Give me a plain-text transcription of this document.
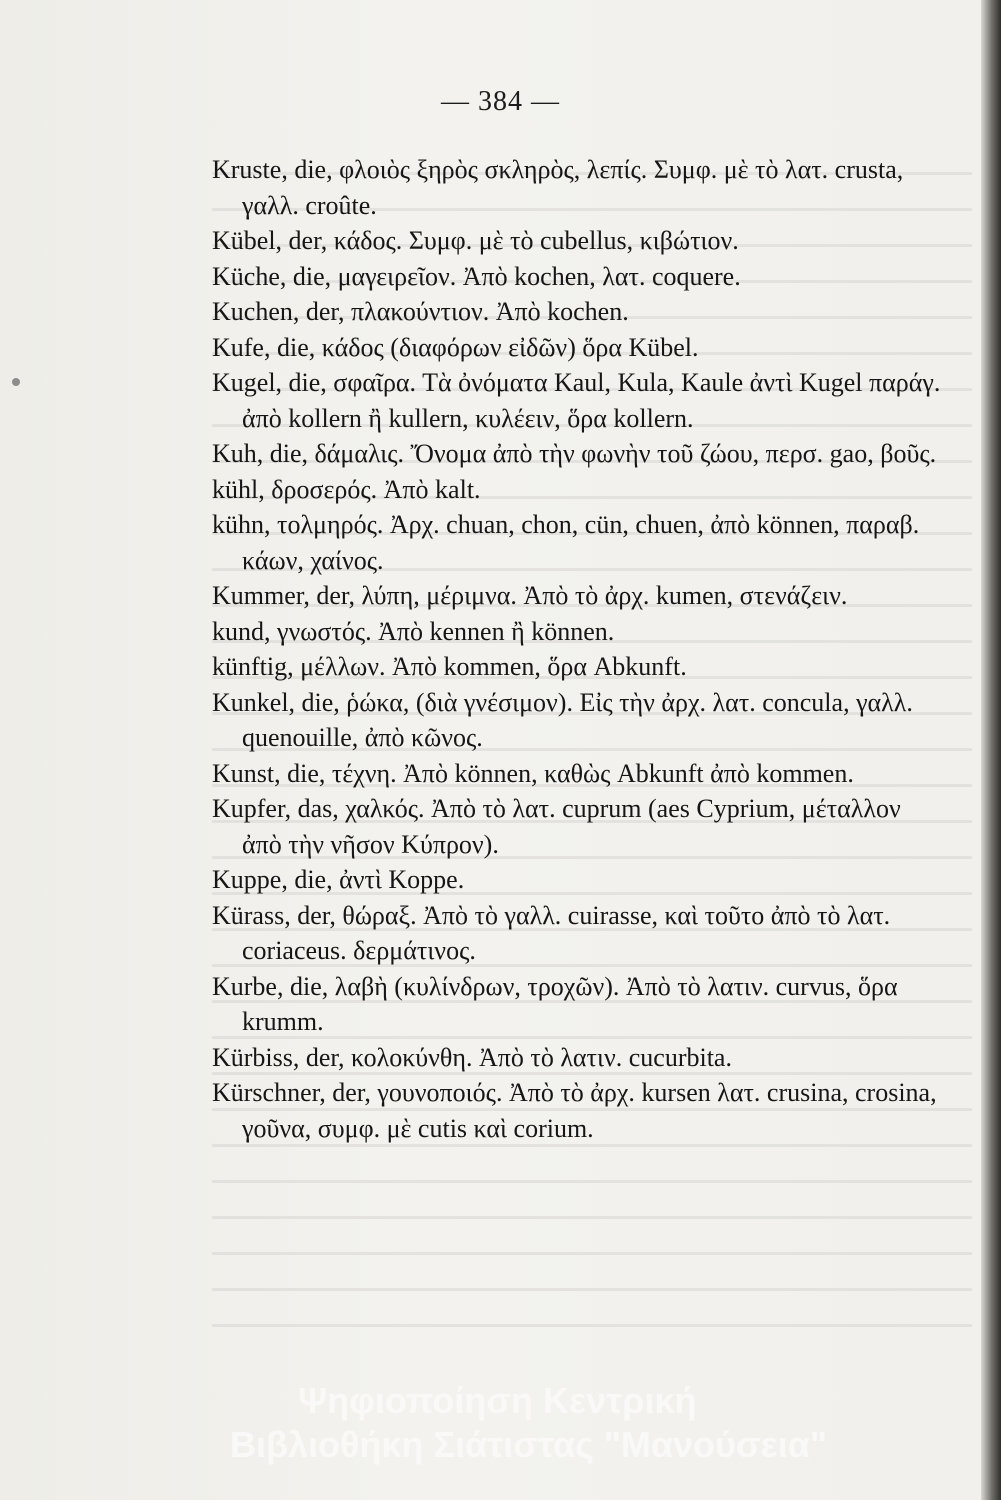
— 384 —

Kruste, die, φλοιὸς ξηρὸς σκληρὸς, λεπίς. Συμφ. μὲ τὸ λατ. crusta, γαλλ. croûte.

Kübel, der, κάδος. Συμφ. μὲ τὸ cubellus, κιβώτιον.

Küche, die, μαγειρεῖον. Ἀπὸ kochen, λατ. coquere.

Kuchen, der, πλακούντιον. Ἀπὸ kochen.

Kufe, die, κάδος (διαφόρων εἰδῶν) ὅρα Kübel.

Kugel, die, σφαῖρα. Τὰ ὀνόματα Kaul, Kula, Kaule ἀντὶ Kugel παράγ. ἀπὸ kollern ἢ kullern, κυλέειν, ὅρα kollern.

Kuh, die, δάμαλις. Ὄνομα ἀπὸ τὴν φωνὴν τοῦ ζώου, περσ. gao, βοῦς.

kühl, δροσερός. Ἀπὸ kalt.

kühn, τολμηρός. Ἀρχ. chuan, chon, cün, chuen, ἀπὸ können, παραβ. κάων, χαίνος.

Kummer, der, λύπη, μέριμνα. Ἀπὸ τὸ ἀρχ. kumen, στενάζειν.

kund, γνωστός. Ἀπὸ kennen ἢ können.

künftig, μέλλων. Ἀπὸ kommen, ὅρα Abkunft.

Kunkel, die, ῥώκα, (διὰ γνέσιμον). Εἰς τὴν ἀρχ. λατ. concula, γαλλ. quenouille, ἀπὸ κῶνος.

Kunst, die, τέχνη. Ἀπὸ können, καθὼς Abkunft ἀπὸ kommen.

Kupfer, das, χαλκός. Ἀπὸ τὸ λατ. cuprum (aes Cyprium, μέταλλον ἀπὸ τὴν νῆσον Κύπρον).

Kuppe, die, ἀντὶ Koppe.

Kürass, der, θώραξ. Ἀπὸ τὸ γαλλ. cuirasse, καὶ τοῦτο ἀπὸ τὸ λατ. coriaceus. δερμάτινος.

Kurbe, die, λαβὴ (κυλίνδρων, τροχῶν). Ἀπὸ τὸ λατιν. curvus, ὅρα krumm.

Kürbiss, der, κολοκύνθη. Ἀπὸ τὸ λατιν. cucurbita.

Kürschner, der, γουνοποιός. Ἀπὸ τὸ ἀρχ. kursen λατ. crusina, crosina, γοῦνα, συμφ. μὲ cutis καὶ corium.

Ψηφιοποίηση Κεντρική
Βιβλιοθήκη Σιάτιστας "Μανούσεια"
